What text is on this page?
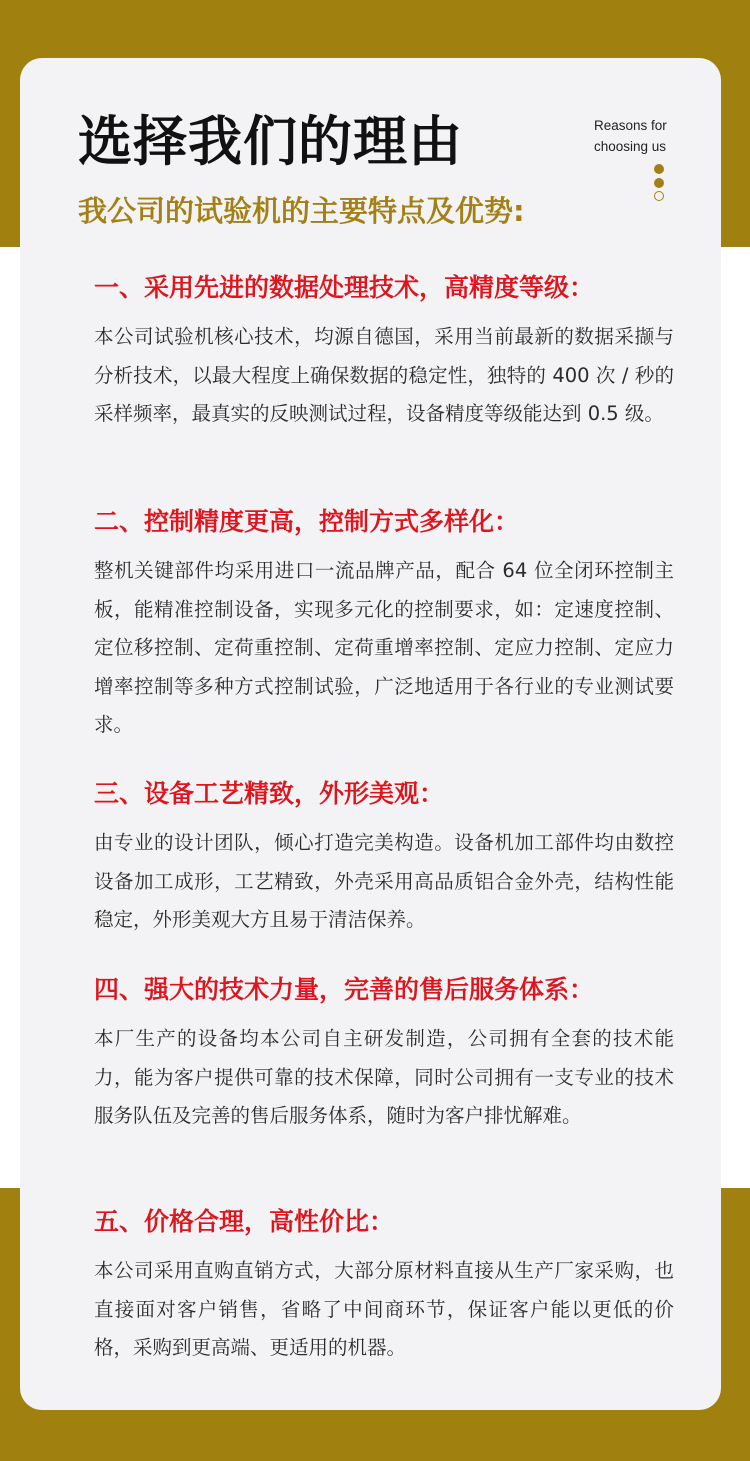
选择我们的理由
我公司的试验机的主要特点及优势:
Reasons for
choosing us
一、采用先进的数据处理技术，高精度等级：

本公司试验机核心技术，均源自德国，采用当前最新的数据采撷与分析技术，以最大程度上确保数据的稳定性，独特的 400 次 / 秒的采样频率，最真实的反映测试过程，设备精度等级能达到 0.5 级。

二、控制精度更高，控制方式多样化：

整机关键部件均采用进口一流品牌产品，配合 64 位全闭环控制主板，能精准控制设备，实现多元化的控制要求，如：定速度控制、定位移控制、定荷重控制、定荷重增率控制、定应力控制、定应力增率控制等多种方式控制试验，广泛地适用于各行业的专业测试要求。

三、设备工艺精致，外形美观：

由专业的设计团队，倾心打造完美构造。设备机加工部件均由数控设备加工成形，工艺精致，外壳采用高品质铝合金外壳，结构性能稳定，外形美观大方且易于清洁保养。

四、强大的技术力量，完善的售后服务体系：

本厂生产的设备均本公司自主研发制造，公司拥有全套的技术能力，能为客户提供可靠的技术保障，同时公司拥有一支专业的技术服务队伍及完善的售后服务体系，随时为客户排忧解难。

五、价格合理，高性价比：

本公司采用直购直销方式，大部分原材料直接从生产厂家采购，也直接面对客户销售，省略了中间商环节，保证客户能以更低的价格，采购到更高端、更适用的机器。
